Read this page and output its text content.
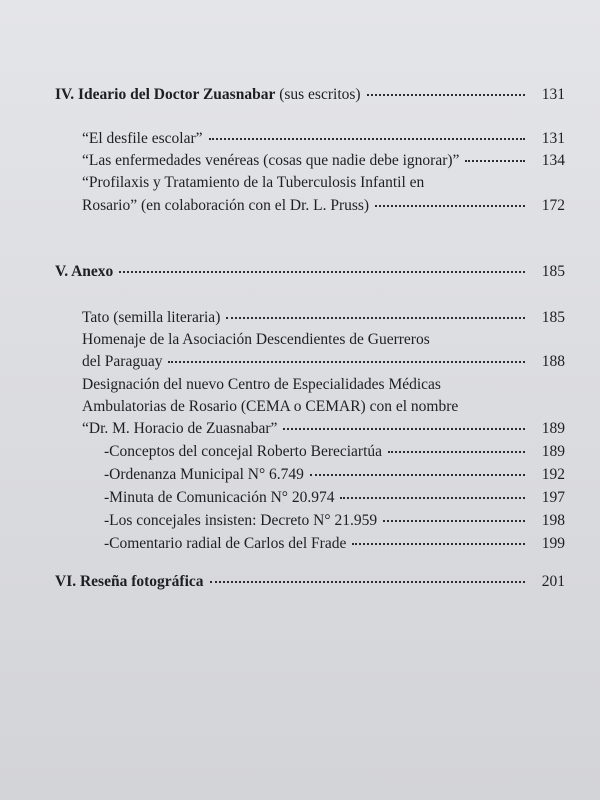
IV. Ideario del Doctor Zuasnabar (sus escritos)	131
“El desfile escolar”	131
“Las enfermedades venéreas (cosas que nadie debe ignorar)”	134
“Profilaxis y Tratamiento de la Tuberculosis Infantil en
Rosario” (en colaboración con el Dr. L. Pruss)	172
V. Anexo	185
Tato (semilla literaria)	185
Homenaje de la Asociación Descendientes de Guerreros
del Paraguay	188
Designación del nuevo Centro de Especialidades Médicas
Ambulatorias de Rosario (CEMA o CEMAR) con el nombre
“Dr. M. Horacio de Zuasnabar”	189
-Conceptos del concejal Roberto Bereciartúa	189
-Ordenanza Municipal N° 6.749	192
-Minuta de Comunicación N° 20.974	197
-Los concejales insisten: Decreto N° 21.959	198
-Comentario radial de Carlos del Frade	199
VI. Reseña fotográfica	201
